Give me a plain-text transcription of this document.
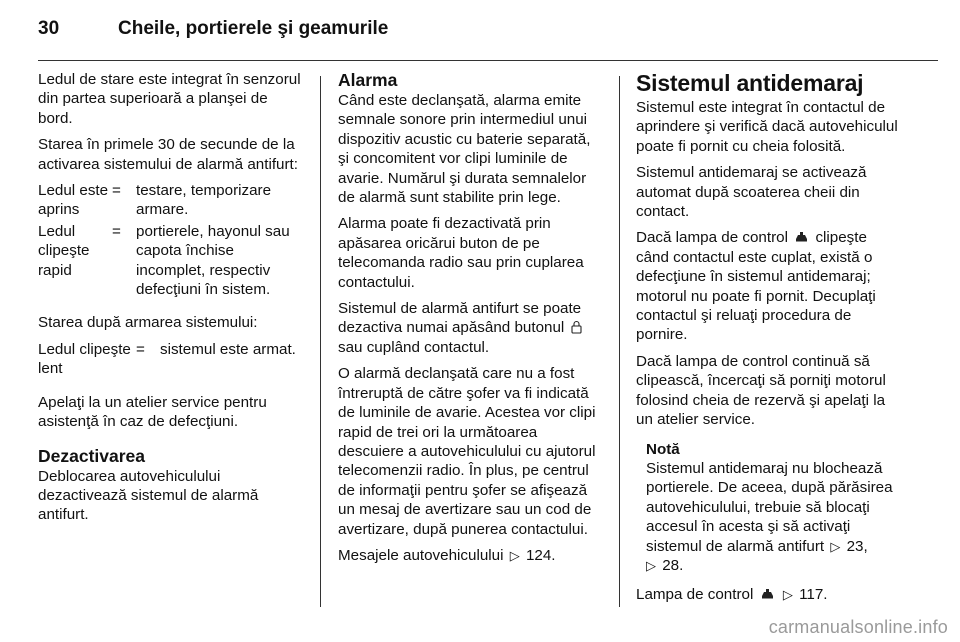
30	Cheile, portierele şi geamurile

Ledul de stare este integrat în senzorul din partea superioară a planşei de bord.

Starea în primele 30 de secunde de la activarea sistemului de alarmă antifurt:

Ledul este aprins
= testare, temporizare armare.
Ledul clipeşte rapid
= portierele, hayonul sau capota închise incomplet, respectiv defecţiuni în sistem.

Starea după armarea sistemului:

Ledul clipeşte lent
= sistemul este armat.

Apelaţi la un atelier service pentru asistenţă în caz de defecţiuni.

Dezactivarea

Deblocarea autovehiculului dezactivează sistemul de alarmă antifurt.

Alarma

Când este declanşată, alarma emite semnale sonore prin intermediul unui dispozitiv acustic cu baterie separată, şi concomitent vor clipi luminile de avarie. Numărul şi durata semnalelor de alarmă sunt stabilite prin lege.

Alarma poate fi dezactivată prin apăsarea oricărui buton de pe telecomanda radio sau prin cuplarea contactului.

Sistemul de alarmă antifurt se poate dezactiva numai apăsând butonul  sau cuplând contactul.

O alarmă declanşată care nu a fost întreruptă de către şofer va fi indicată de luminile de avarie. Acestea vor clipi rapid de trei ori la următoarea descuiere a autovehiculului cu ajutorul telecomenzii radio. În plus, pe centrul de informaţii pentru şofer se afişează un mesaj de avertizare sau un cod de avertizare, după punerea contactului.

Mesajele autovehiculului ▷ 124.

Sistemul antidemaraj

Sistemul este integrat în contactul de aprindere şi verifică dacă autovehiculul poate fi pornit cu cheia folosită.

Sistemul antidemaraj se activează automat după scoaterea cheii din contact.

Dacă lampa de control clipeşte când contactul este cuplat, există o defecţiune în sistemul antidemaraj; motorul nu poate fi pornit. Decuplaţi contactul şi reluaţi procedura de pornire.

Dacă lampa de control continuă să clipească, încercaţi să porniţi motorul folosind cheia de rezervă şi apelaţi la un atelier service.

Notă
Sistemul antidemaraj nu blochează portierele. De aceea, după părăsirea autovehiculului, trebuie să blocaţi accesul în acesta şi să activaţi sistemul de alarmă antifurt ▷ 23,
▷ 28.

Lampa de control ▷ 117.

carmanualsonline.info
